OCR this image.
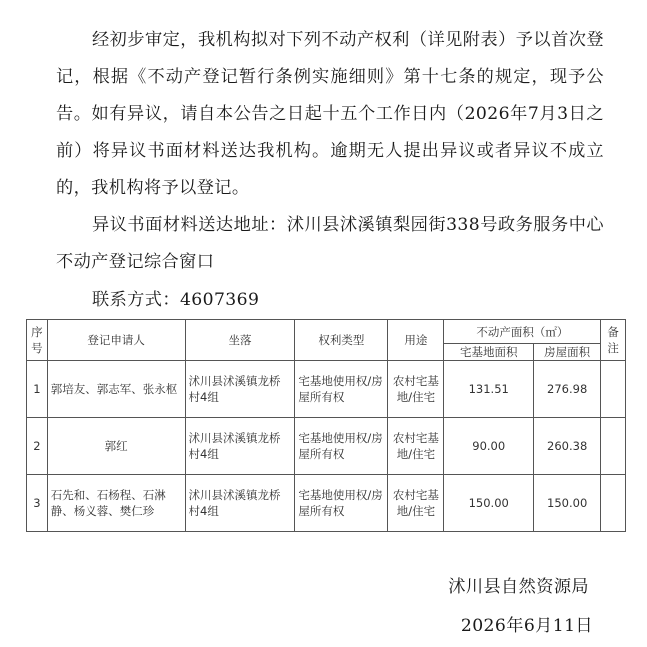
经初步审定，我机构拟对下列不动产权利（详见附表）予以首次登记，根据《不动产登记暂行条例实施细则》第十七条的规定，现予公告。如有异议，请自本公告之日起十五个工作日内（2026年7月3日之前）将异议书面材料送达我机构。逾期无人提出异议或者异议不成立的，我机构将予以登记。

异议书面材料送达地址：沭川县沭溪镇梨园街338号政务服务中心不动产登记综合窗口

联系方式：4607369
序号	登记申请人	坐落	权利类型	用途	不动产面积（㎡）		备注
					宅基地面积	房屋面积	
1	郭培友、郭志军、张永枢	沭川县沭溪镇龙桥村4组	宅基地使用权/房屋所有权	农村宅基地/住宅	131.51	276.98	
2	郭红	沭川县沭溪镇龙桥村4组	宅基地使用权/房屋所有权	农村宅基地/住宅	90.00	260.38	
3	石先和、石杨程、石淋静、杨义蓉、樊仁珍	沭川县沭溪镇龙桥村4组	宅基地使用权/房屋所有权	农村宅基地/住宅	150.00	150.00	
沭川县自然资源局
2026年6月11日
